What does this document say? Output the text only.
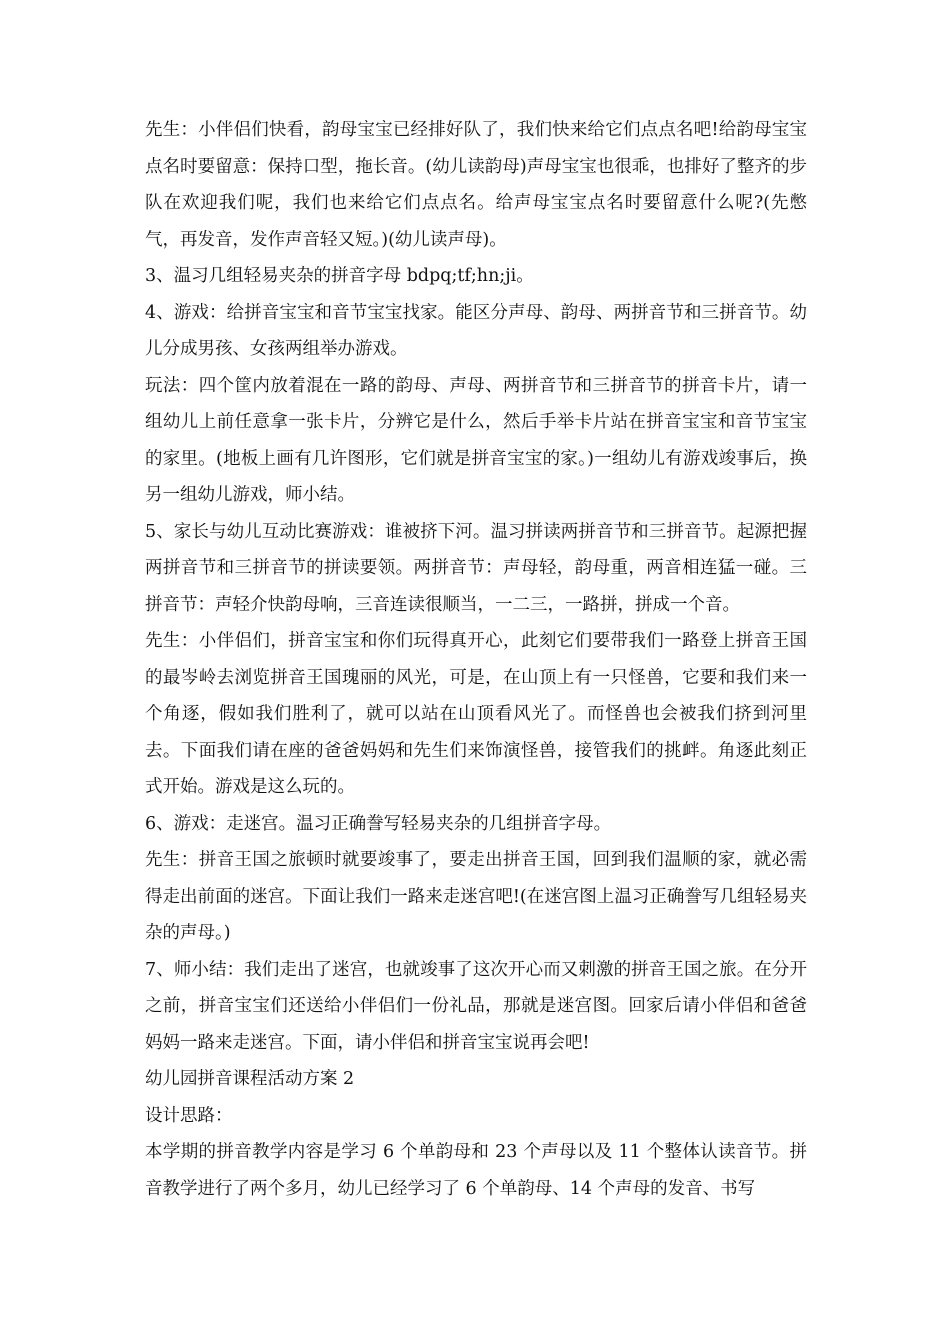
先生：小伴侣们快看，韵母宝宝已经排好队了，我们快来给它们点点名吧!给韵母宝宝点名时要留意：保持口型，拖长音。(幼儿读韵母)声母宝宝也很乖，也排好了整齐的步队在欢迎我们呢，我们也来给它们点点名。给声母宝宝点名时要留意什么呢?(先憋气，再发音，发作声音轻又短。)(幼儿读声母)。

3、温习几组轻易夹杂的拼音字母 bdpq;tf;hn;ji。

4、游戏：给拼音宝宝和音节宝宝找家。能区分声母、韵母、两拼音节和三拼音节。幼儿分成男孩、女孩两组举办游戏。

玩法：四个筐内放着混在一路的韵母、声母、两拼音节和三拼音节的拼音卡片，请一组幼儿上前任意拿一张卡片，分辨它是什么，然后手举卡片站在拼音宝宝和音节宝宝的家里。(地板上画有几许图形，它们就是拼音宝宝的家。)一组幼儿有游戏竣事后，换另一组幼儿游戏，师小结。

5、家长与幼儿互动比赛游戏：谁被挤下河。温习拼读两拼音节和三拼音节。起源把握两拼音节和三拼音节的拼读要领。两拼音节：声母轻，韵母重，两音相连猛一碰。三拼音节：声轻介快韵母响，三音连读很顺当，一二三，一路拼，拼成一个音。

先生：小伴侣们，拼音宝宝和你们玩得真开心，此刻它们要带我们一路登上拼音王国的最岑岭去浏览拼音王国瑰丽的风光，可是，在山顶上有一只怪兽，它要和我们来一个角逐，假如我们胜利了，就可以站在山顶看风光了。而怪兽也会被我们挤到河里去。下面我们请在座的爸爸妈妈和先生们来饰演怪兽，接管我们的挑衅。角逐此刻正式开始。游戏是这么玩的。

6、游戏：走迷宫。温习正确誊写轻易夹杂的几组拼音字母。

先生：拼音王国之旅顿时就要竣事了，要走出拼音王国，回到我们温顺的家，就必需得走出前面的迷宫。下面让我们一路来走迷宫吧!(在迷宫图上温习正确誊写几组轻易夹杂的声母。)

7、师小结：我们走出了迷宫，也就竣事了这次开心而又刺激的拼音王国之旅。在分开之前，拼音宝宝们还送给小伴侣们一份礼品，那就是迷宫图。回家后请小伴侣和爸爸妈妈一路来走迷宫。下面，请小伴侣和拼音宝宝说再会吧!

幼儿园拼音课程活动方案 2

设计思路：

本学期的拼音教学内容是学习 6 个单韵母和 23 个声母以及 11 个整体认读音节。拼音教学进行了两个多月，幼儿已经学习了 6 个单韵母、14 个声母的发音、书写
